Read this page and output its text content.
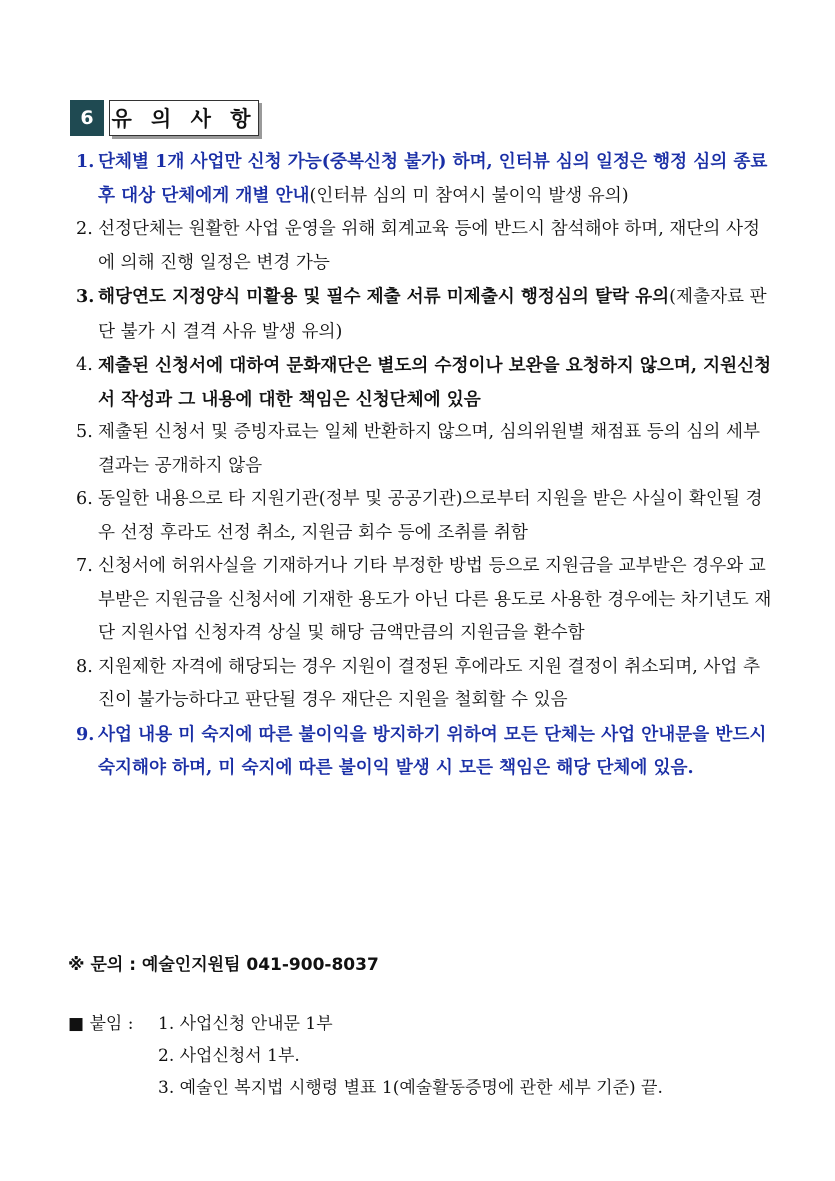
6 유 의 사 항

1. 단체별 1개 사업만 신청 가능(중복신청 불가) 하며, 인터뷰 심의 일정은 행정 심의 종료 후 대상 단체에게 개별 안내(인터뷰 심의 미 참여시 불이익 발생 유의)

2. 선정단체는 원활한 사업 운영을 위해 회계교육 등에 반드시 참석해야 하며, 재단의 사정에 의해 진행 일정은 변경 가능

3. 해당연도 지정양식 미활용 및 필수 제출 서류 미제출시 행정심의 탈락 유의(제출자료 판단 불가 시 결격 사유 발생 유의)

4. 제출된 신청서에 대하여 문화재단은 별도의 수정이나 보완을 요청하지 않으며, 지원신청서 작성과 그 내용에 대한 책임은 신청단체에 있음

5. 제출된 신청서 및 증빙자료는 일체 반환하지 않으며, 심의위원별 채점표 등의 심의 세부 결과는 공개하지 않음

6. 동일한 내용으로 타 지원기관(정부 및 공공기관)으로부터 지원을 받은 사실이 확인될 경우 선정 후라도 선정 취소, 지원금 회수 등에 조취를 취함

7. 신청서에 허위사실을 기재하거나 기타 부정한 방법 등으로 지원금을 교부받은 경우와 교부받은 지원금을 신청서에 기재한 용도가 아닌 다른 용도로 사용한 경우에는 차기년도 재단 지원사업 신청자격 상실 및 해당 금액만큼의 지원금을 환수함

8. 지원제한 자격에 해당되는 경우 지원이 결정된 후에라도 지원 결정이 취소되며, 사업 추진이 불가능하다고 판단될 경우 재단은 지원을 철회할 수 있음

9. 사업 내용 미 숙지에 따른 불이익을 방지하기 위하여 모든 단체는 사업 안내문을 반드시 숙지해야 하며, 미 숙지에 따른 불이익 발생 시 모든 책임은 해당 단체에 있음.

※ 문의 : 예술인지원팀 041-900-8037
■ 붙임 :	1. 사업신청 안내문 1부
2. 사업신청서 1부.
3. 예술인 복지법 시행령 별표 1(예술활동증명에 관한 세부 기준) 끝.
